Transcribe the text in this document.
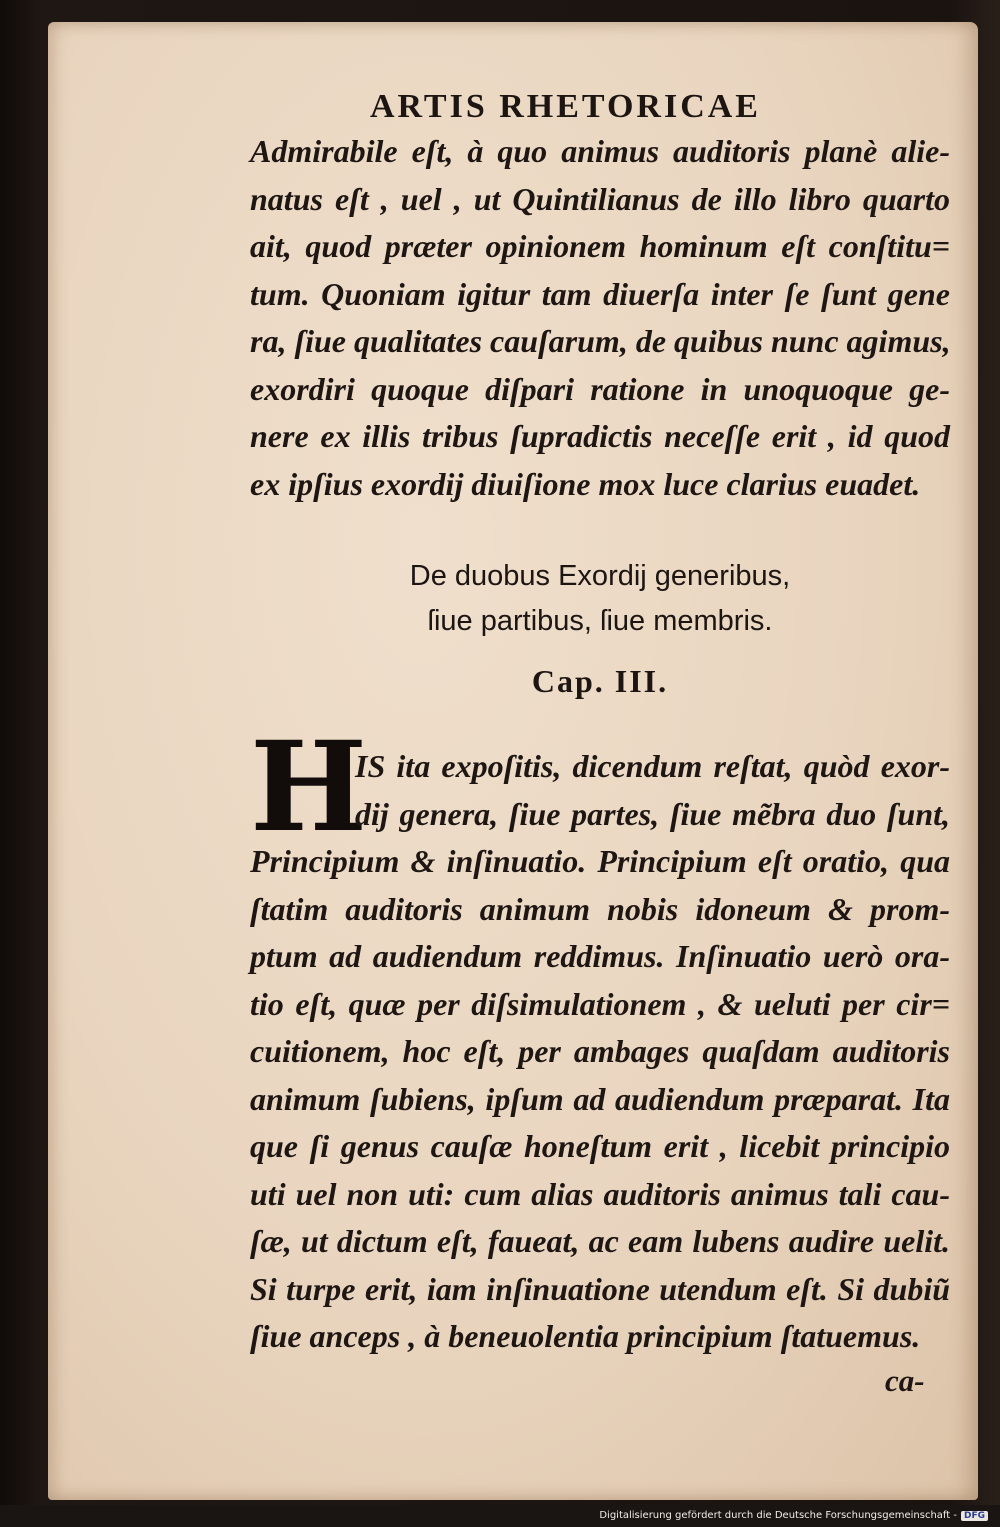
ARTIS RHETORICAE
Admirabile eſt, à quo animus auditoris planè alie-
natus eſt , uel , ut Quintilianus de illo libro quarto
ait, quod præter opinionem hominum eſt conſtitu=
tum. Quoniam igitur tam diuerſa inter ſe ſunt gene
ra, ſiue qualitates cauſarum, de quibus nunc agimus,
exordiri quoque diſpari ratione in unoquoque ge-
nere ex illis tribus ſupradictis neceſſe erit , id quod
ex ipſius exordij diuiſione mox luce clarius euadet.
De duobus Exordij generibus,
ſiue partibus, ſiue membris.
Cap. III.
H
IS ita expoſitis, dicendum reſtat, quòd exor-
dij genera, ſiue partes, ſiue mẽbra duo ſunt,
Principium & inſinuatio. Principium eſt oratio, qua
ſtatim auditoris animum nobis idoneum & prom-
ptum ad audiendum reddimus. Inſinuatio uerò ora-
tio eſt, quæ per diſsimulationem , & ueluti per cir=
cuitionem, hoc eſt, per ambages quaſdam auditoris
animum ſubiens, ipſum ad audiendum præparat. Ita
que ſi genus cauſæ honeſtum erit , licebit principio
uti uel non uti: cum alias auditoris animus tali cau-
ſæ, ut dictum eſt, faueat, ac eam lubens audire uelit.
Si turpe erit, iam inſinuatione utendum eſt. Si dubiũ
ſiue anceps , à beneuolentia principium ſtatuemus.
ca-
Digitalisierung gefördert durch die Deutsche Forschungsgemeinschaft - DFG
